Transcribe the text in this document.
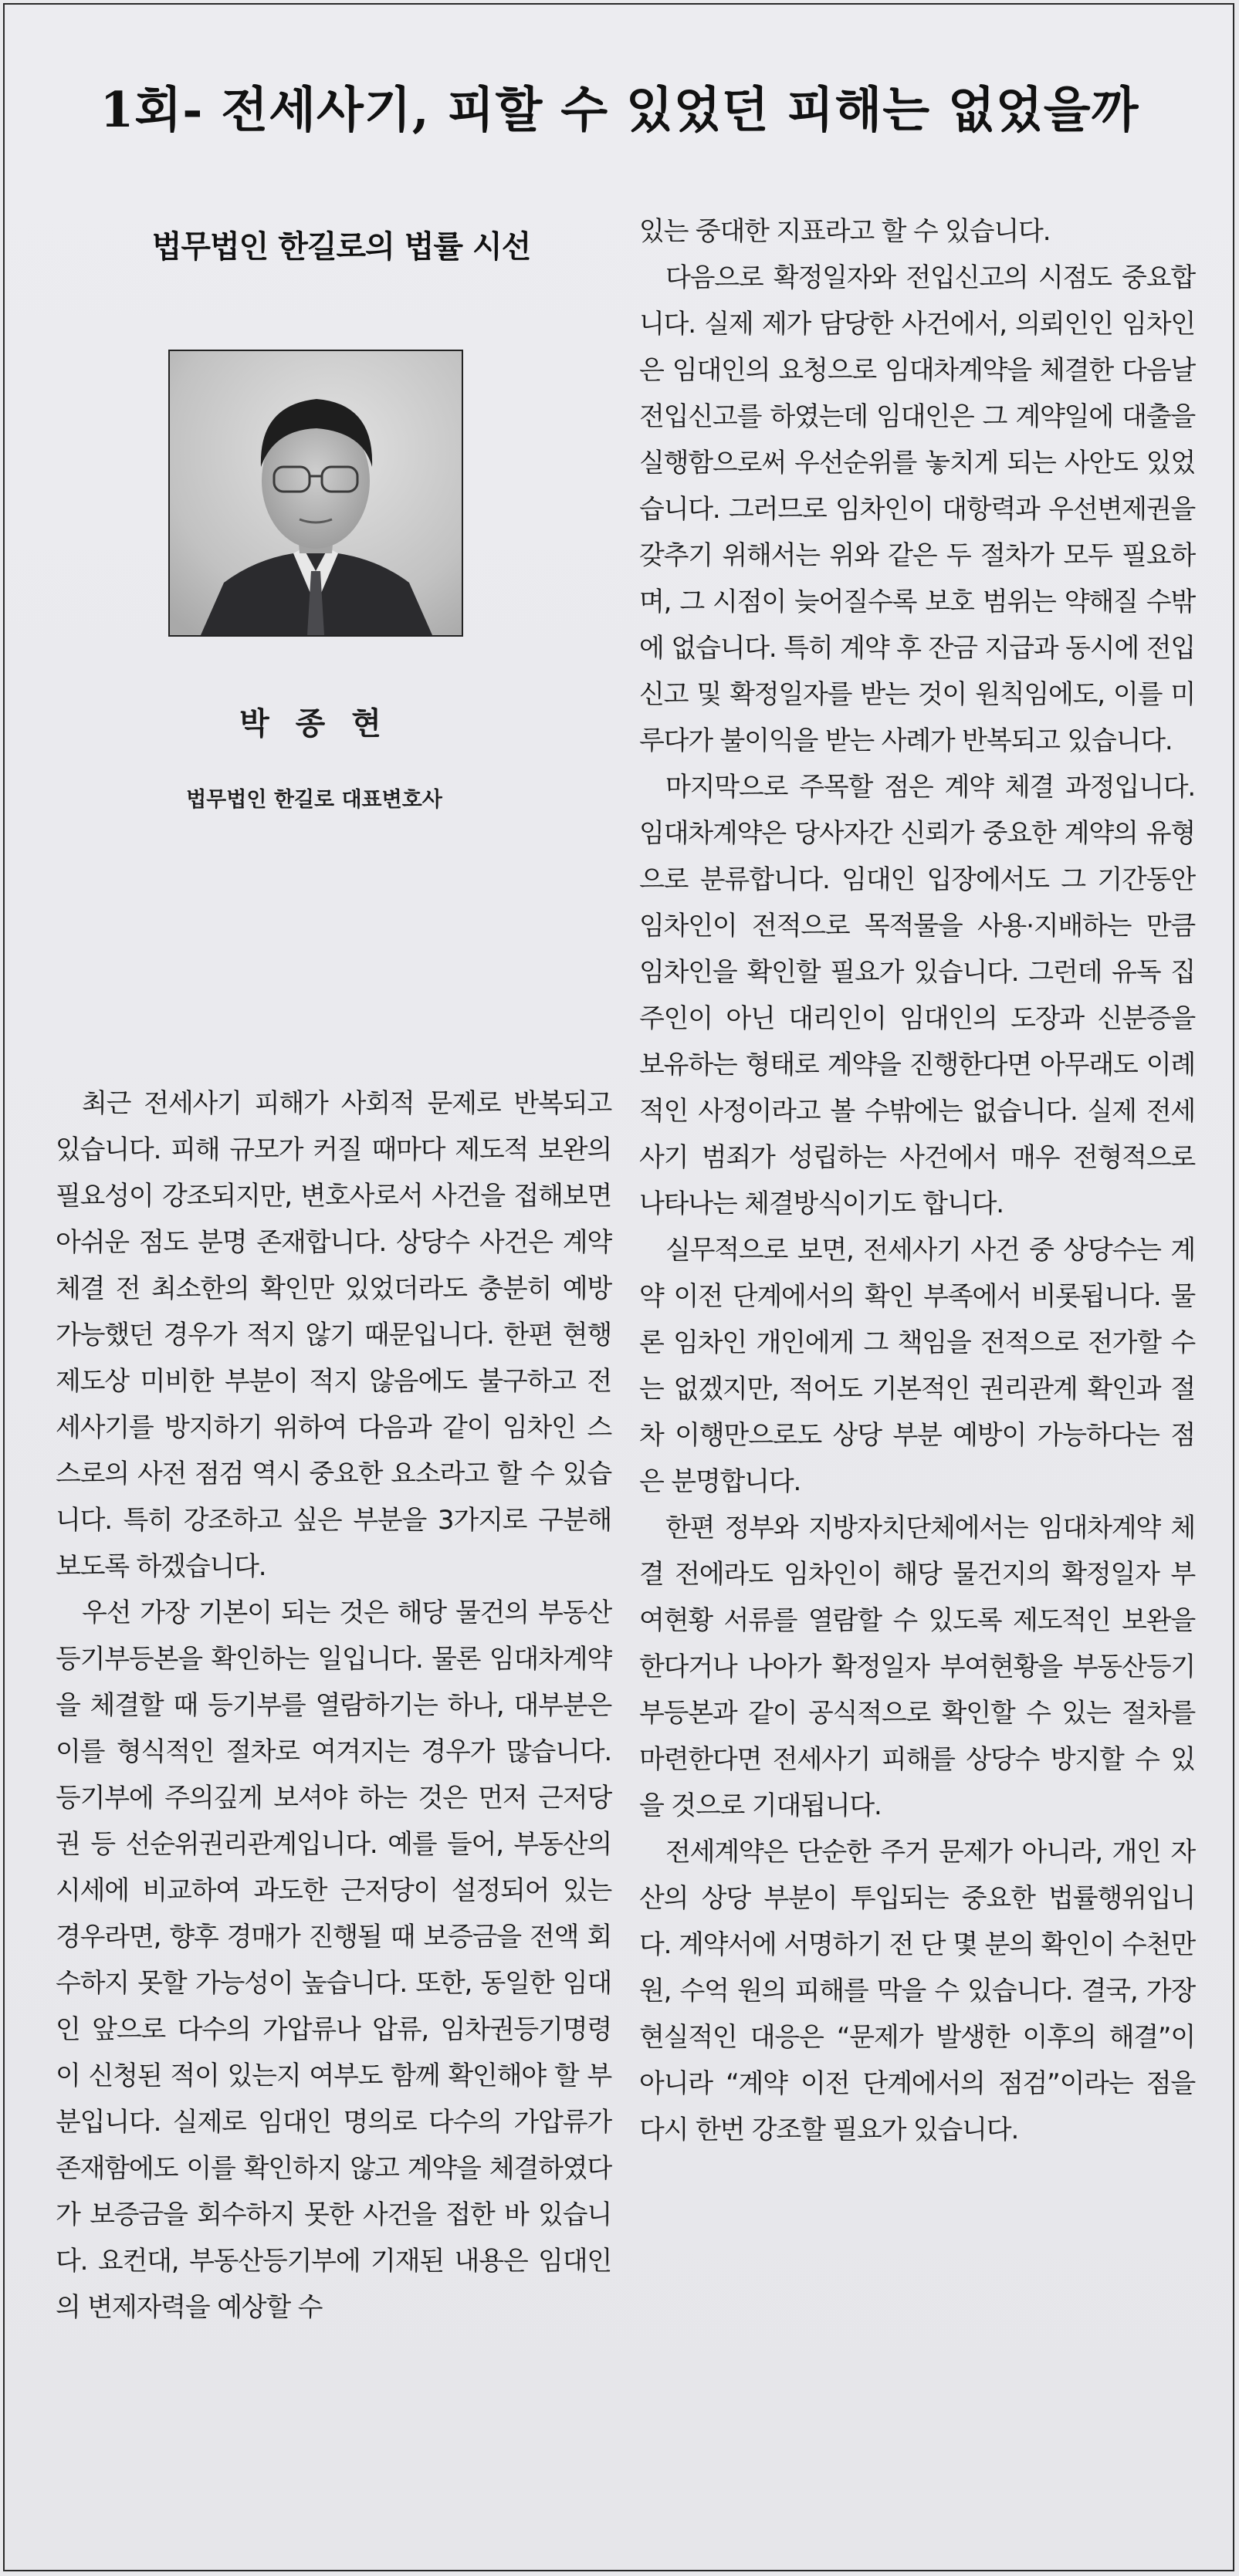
1회- 전세사기, 피할 수 있었던 피해는 없었을까
법무법인 한길로의 법률 시선
박 종 현
법무법인 한길로 대표변호사

최근 전세사기 피해가 사회적 문제로 반복되고 있습니다. 피해 규모가 커질 때마다 제도적 보완의 필요성이 강조되지만, 변호사로서 사건을 접해보면 아쉬운 점도 분명 존재합니다. 상당수 사건은 계약 체결 전 최소한의 확인만 있었더라도 충분히 예방 가능했던 경우가 적지 않기 때문입니다. 한편 현행 제도상 미비한 부분이 적지 않음에도 불구하고 전세사기를 방지하기 위하여 다음과 같이 임차인 스스로의 사전 점검 역시 중요한 요소라고 할 수 있습니다. 특히 강조하고 싶은 부분을 3가지로 구분해보도록 하겠습니다.

우선 가장 기본이 되는 것은 해당 물건의 부동산등기부등본을 확인하는 일입니다. 물론 임대차계약을 체결할 때 등기부를 열람하기는 하나, 대부분은 이를 형식적인 절차로 여겨지는 경우가 많습니다. 등기부에 주의깊게 보셔야 하는 것은 먼저 근저당권 등 선순위권리관계입니다. 예를 들어, 부동산의 시세에 비교하여 과도한 근저당이 설정되어 있는 경우라면, 향후 경매가 진행될 때 보증금을 전액 회수하지 못할 가능성이 높습니다. 또한, 동일한 임대인 앞으로 다수의 가압류나 압류, 임차권등기명령이 신청된 적이 있는지 여부도 함께 확인해야 할 부분입니다. 실제로 임대인 명의로 다수의 가압류가 존재함에도 이를 확인하지 않고 계약을 체결하였다가 보증금을 회수하지 못한 사건을 접한 바 있습니다. 요컨대, 부동산등기부에 기재된 내용은 임대인의 변제자력을 예상할 수

있는 중대한 지표라고 할 수 있습니다.

다음으로 확정일자와 전입신고의 시점도 중요합니다. 실제 제가 담당한 사건에서, 의뢰인인 임차인은 임대인의 요청으로 임대차계약을 체결한 다음날 전입신고를 하였는데 임대인은 그 계약일에 대출을 실행함으로써 우선순위를 놓치게 되는 사안도 있었습니다. 그러므로 임차인이 대항력과 우선변제권을 갖추기 위해서는 위와 같은 두 절차가 모두 필요하며, 그 시점이 늦어질수록 보호 범위는 약해질 수밖에 없습니다. 특히 계약 후 잔금 지급과 동시에 전입신고 및 확정일자를 받는 것이 원칙임에도, 이를 미루다가 불이익을 받는 사례가 반복되고 있습니다.

마지막으로 주목할 점은 계약 체결 과정입니다. 임대차계약은 당사자간 신뢰가 중요한 계약의 유형으로 분류합니다. 임대인 입장에서도 그 기간동안 임차인이 전적으로 목적물을 사용·지배하는 만큼 임차인을 확인할 필요가 있습니다. 그런데 유독 집주인이 아닌 대리인이 임대인의 도장과 신분증을 보유하는 형태로 계약을 진행한다면 아무래도 이례적인 사정이라고 볼 수밖에는 없습니다. 실제 전세사기 범죄가 성립하는 사건에서 매우 전형적으로 나타나는 체결방식이기도 합니다.

실무적으로 보면, 전세사기 사건 중 상당수는 계약 이전 단계에서의 확인 부족에서 비롯됩니다. 물론 임차인 개인에게 그 책임을 전적으로 전가할 수는 없겠지만, 적어도 기본적인 권리관계 확인과 절차 이행만으로도 상당 부분 예방이 가능하다는 점은 분명합니다.

한편 정부와 지방자치단체에서는 임대차계약 체결 전에라도 임차인이 해당 물건지의 확정일자 부여현황 서류를 열람할 수 있도록 제도적인 보완을 한다거나 나아가 확정일자 부여현황을 부동산등기부등본과 같이 공식적으로 확인할 수 있는 절차를 마련한다면 전세사기 피해를 상당수 방지할 수 있을 것으로 기대됩니다.

전세계약은 단순한 주거 문제가 아니라, 개인 자산의 상당 부분이 투입되는 중요한 법률행위입니다. 계약서에 서명하기 전 단 몇 분의 확인이 수천만 원, 수억 원의 피해를 막을 수 있습니다. 결국, 가장 현실적인 대응은 “문제가 발생한 이후의 해결”이 아니라 “계약 이전 단계에서의 점검”이라는 점을 다시 한번 강조할 필요가 있습니다.
